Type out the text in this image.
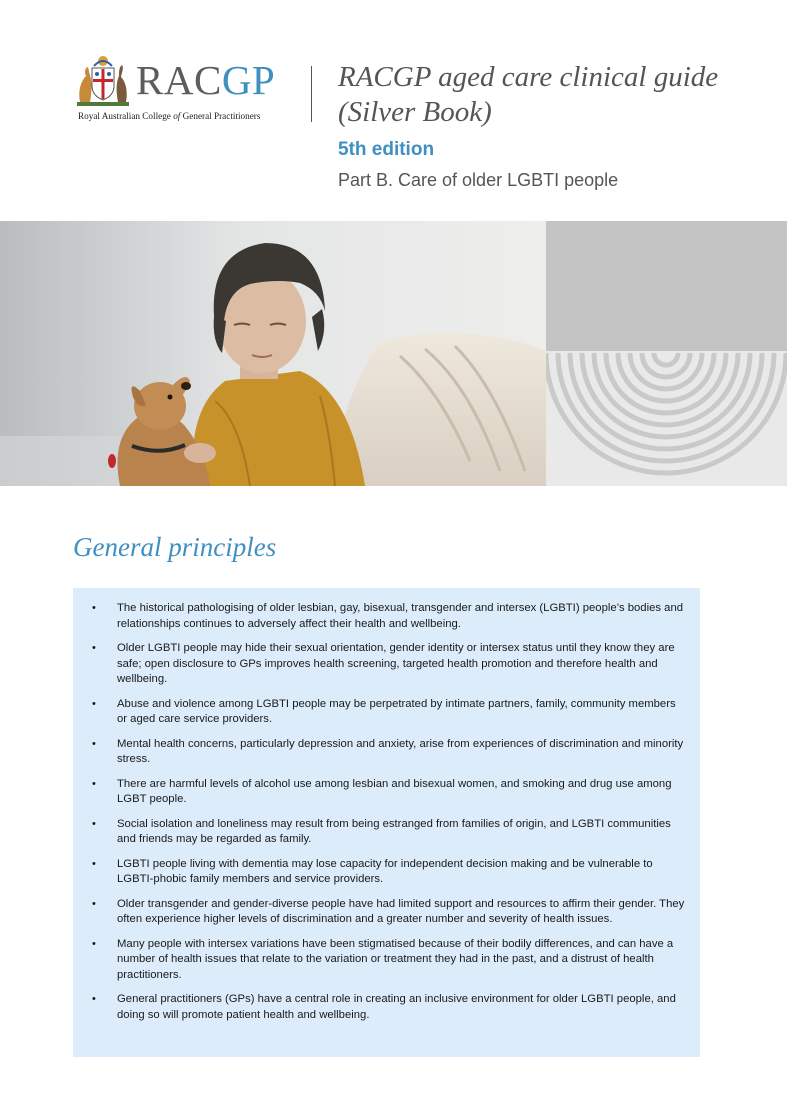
RACGP
Royal Australian College of General Practitioners
RACGP aged care clinical guide (Silver Book)
5th edition
Part B. Care of older LGBTI people
General principles
• The historical pathologising of older lesbian, gay, bisexual, transgender and intersex (LGBTI) people’s bodies and relationships continues to adversely affect their health and wellbeing.
• Older LGBTI people may hide their sexual orientation, gender identity or intersex status until they know they are safe; open disclosure to GPs improves health screening, targeted health promotion and therefore health and wellbeing.
• Abuse and violence among LGBTI people may be perpetrated by intimate partners, family, community members or aged care service providers.
• Mental health concerns, particularly depression and anxiety, arise from experiences of discrimination and minority stress.
• There are harmful levels of alcohol use among lesbian and bisexual women, and smoking and drug use among LGBT people.
• Social isolation and loneliness may result from being estranged from families of origin, and LGBTI communities and friends may be regarded as family.
• LGBTI people living with dementia may lose capacity for independent decision making and be vulnerable to LGBTI-phobic family members and service providers.
• Older transgender and gender-diverse people have had limited support and resources to affirm their gender. They often experience higher levels of discrimination and a greater number and severity of health issues.
• Many people with intersex variations have been stigmatised because of their bodily differences, and can have a number of health issues that relate to the variation or treatment they had in the past, and a distrust of health practitioners.
• General practitioners (GPs) have a central role in creating an inclusive environment for older LGBTI people, and doing so will promote patient health and wellbeing.
